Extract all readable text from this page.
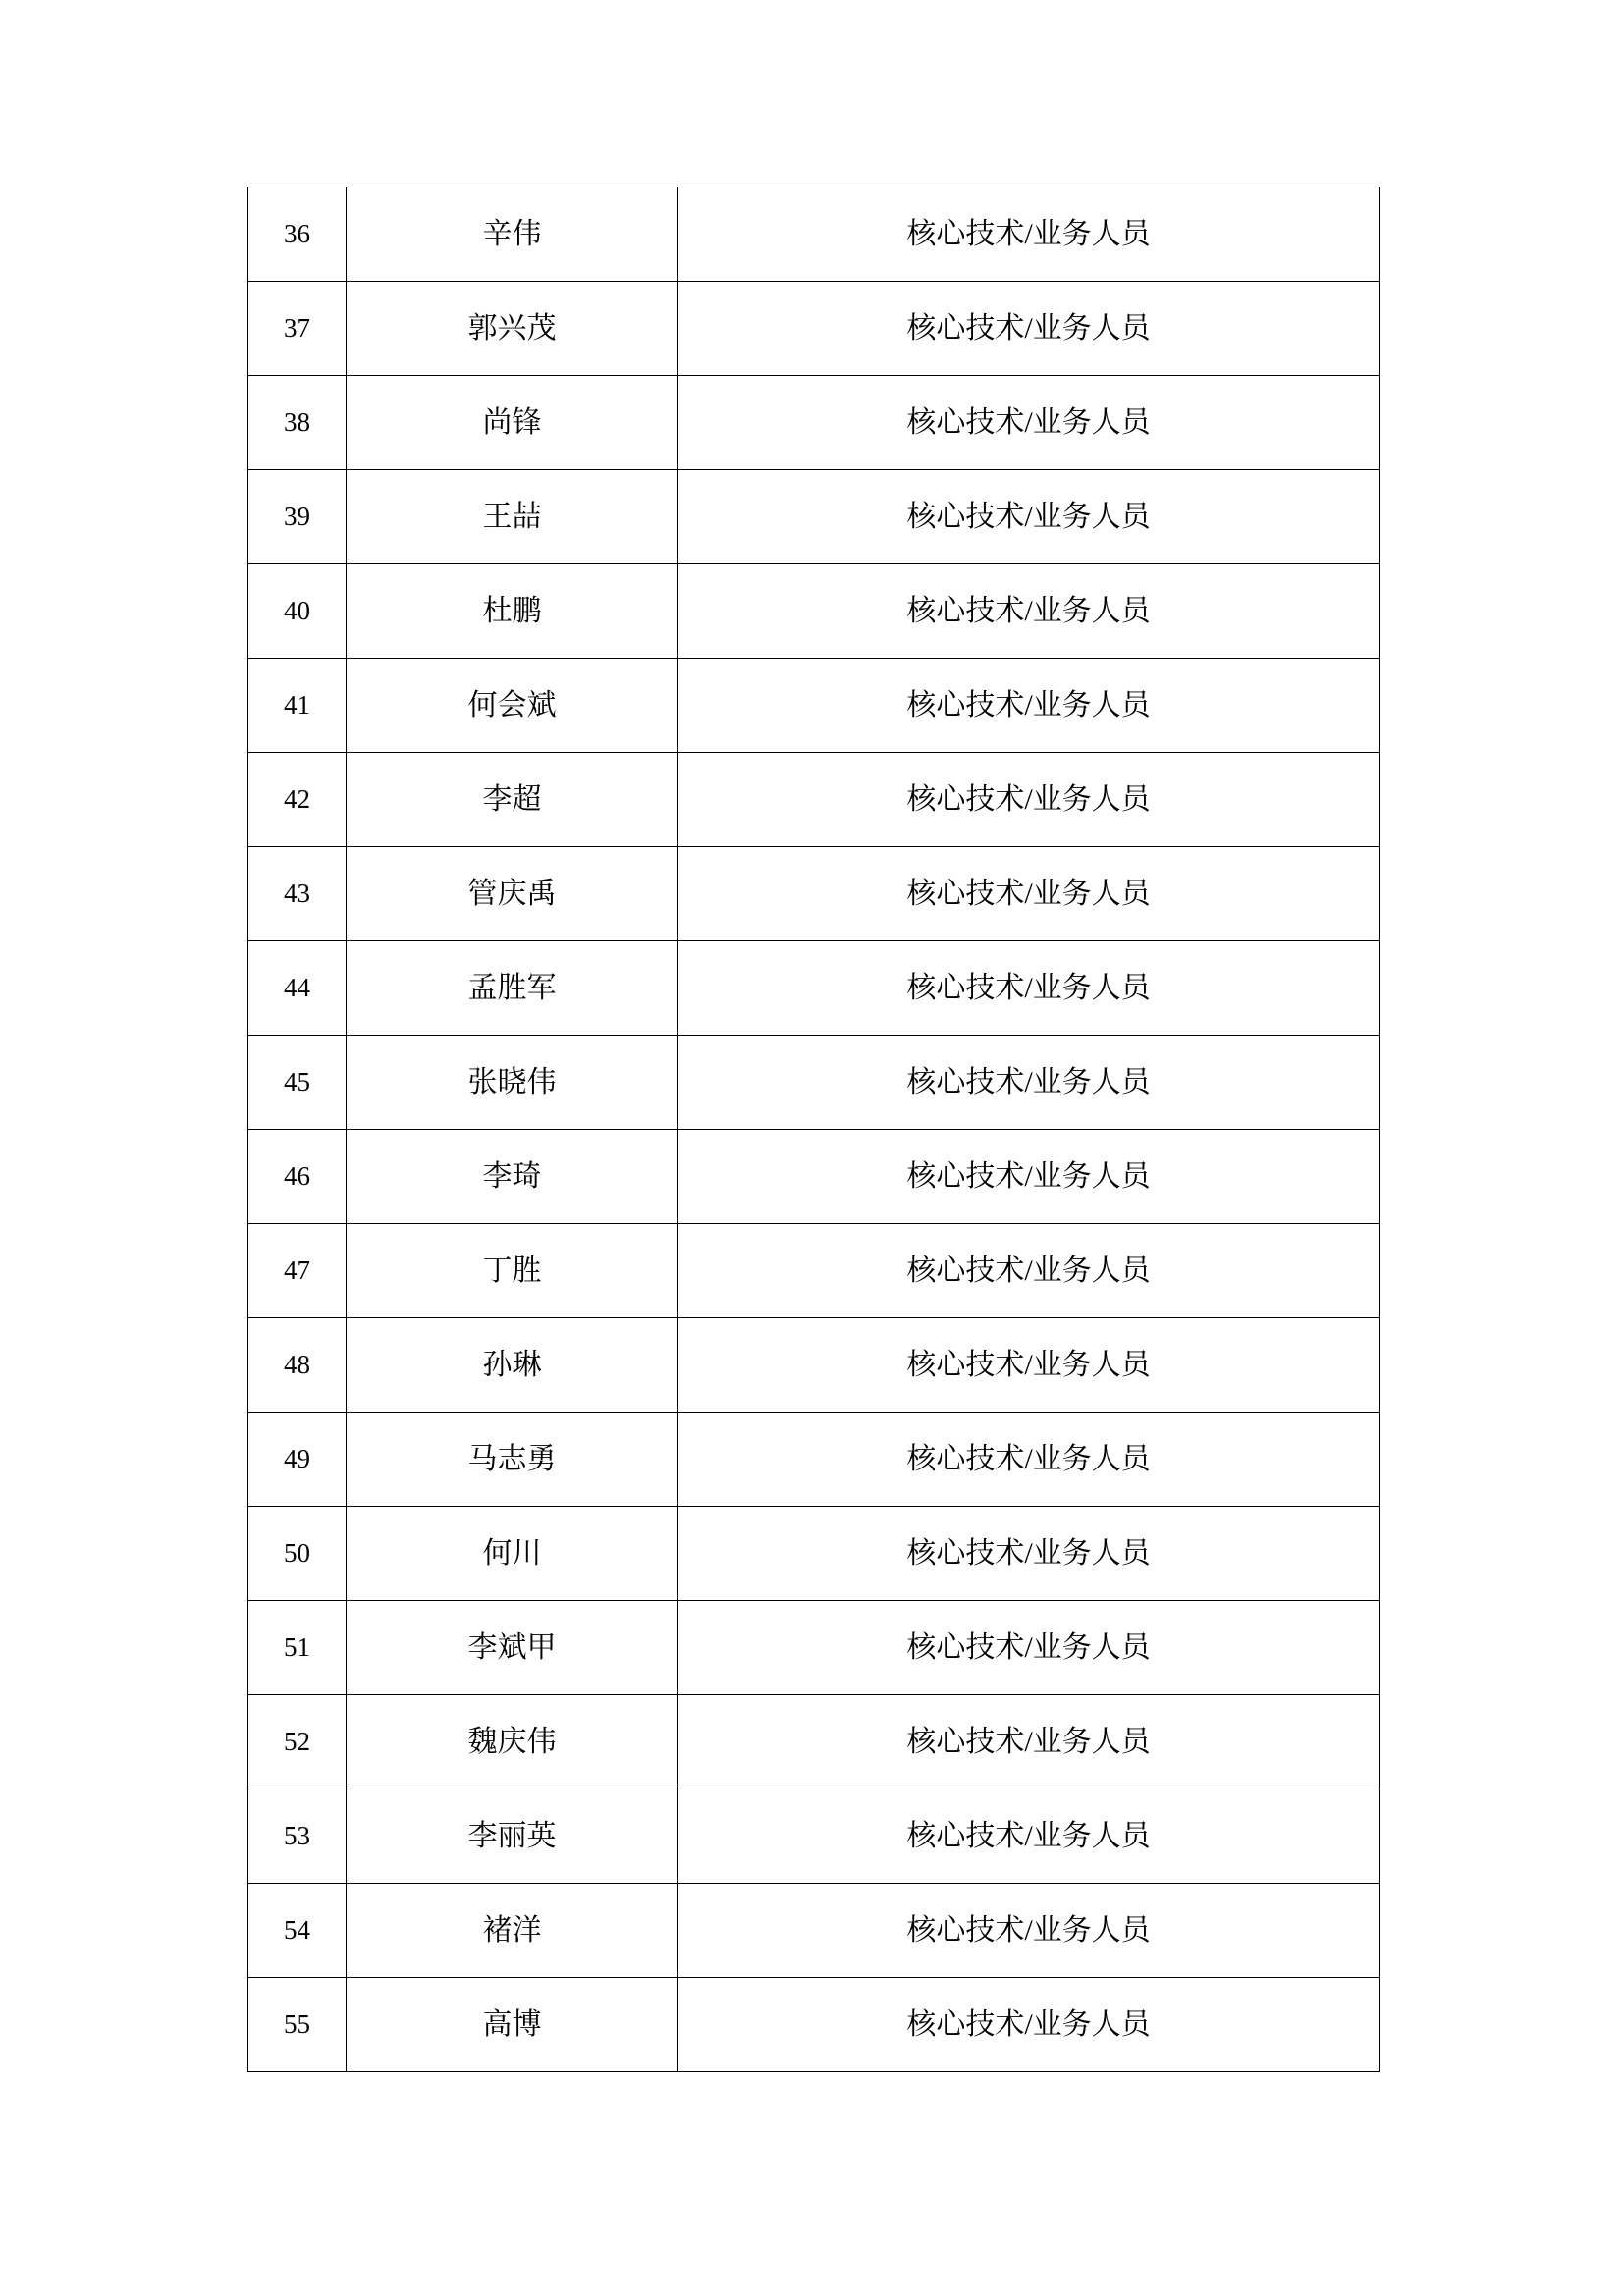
36	辛伟	核心技术/业务人员
37	郭兴茂	核心技术/业务人员
38	尚锋	核心技术/业务人员
39	王喆	核心技术/业务人员
40	杜鹏	核心技术/业务人员
41	何会斌	核心技术/业务人员
42	李超	核心技术/业务人员
43	管庆禹	核心技术/业务人员
44	孟胜军	核心技术/业务人员
45	张晓伟	核心技术/业务人员
46	李琦	核心技术/业务人员
47	丁胜	核心技术/业务人员
48	孙琳	核心技术/业务人员
49	马志勇	核心技术/业务人员
50	何川	核心技术/业务人员
51	李斌甲	核心技术/业务人员
52	魏庆伟	核心技术/业务人员
53	李丽英	核心技术/业务人员
54	褚洋	核心技术/业务人员
55	高博	核心技术/业务人员
